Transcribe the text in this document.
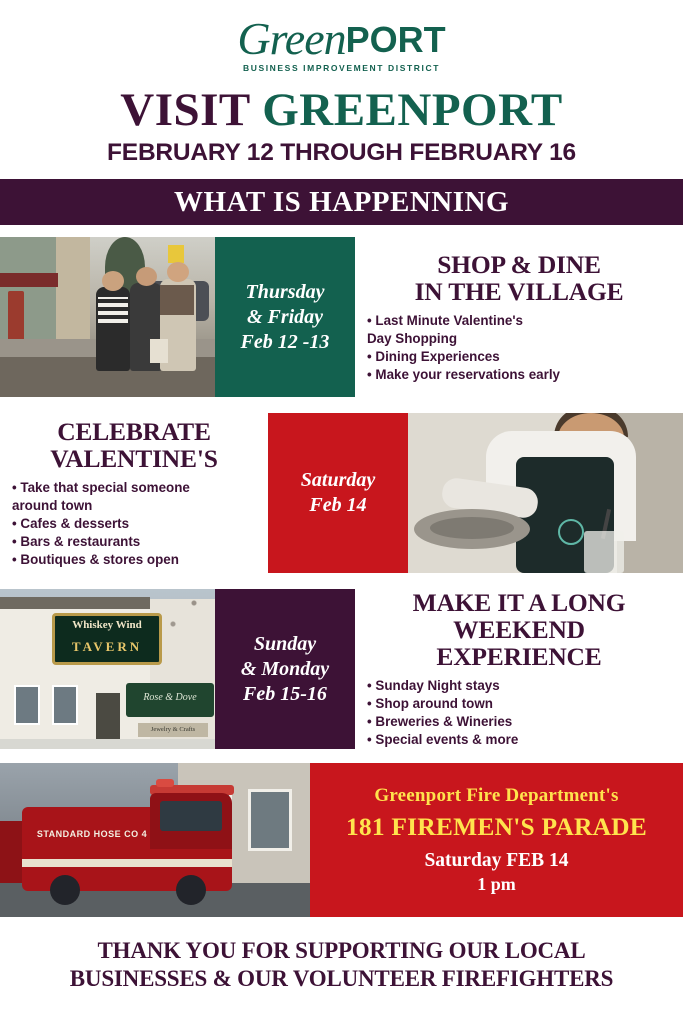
GreenPORT
BUSINESS IMPROVEMENT DISTRICT
VISIT GREENPORT
FEBRUARY 12 THROUGH FEBRUARY 16
WHAT IS HAPPENNING
Thursday
& Friday
Feb 12 -13
SHOP & DINE
IN THE VILLAGE
• Last Minute Valentine's
Day Shopping
• Dining Experiences
• Make your reservations early
CELEBRATE
VALENTINE'S
• Take that special someone
around town
• Cafes & desserts
• Bars & restaurants
• Boutiques & stores open
Saturday
Feb 14
Whiskey Wind
TAVERN
Rose & Dove
Jewelry & Crafts
Sunday
& Monday
Feb 15-16
MAKE IT A LONG
WEEKEND
EXPERIENCE
• Sunday Night stays
• Shop around town
• Breweries & Wineries
• Special events & more
STANDARD HOSE CO 4
Greenport Fire Department's
181 FIREMEN'S PARADE
Saturday FEB 14
1 pm
THANK YOU FOR SUPPORTING OUR LOCAL
BUSINESSES & OUR VOLUNTEER FIREFIGHTERS
